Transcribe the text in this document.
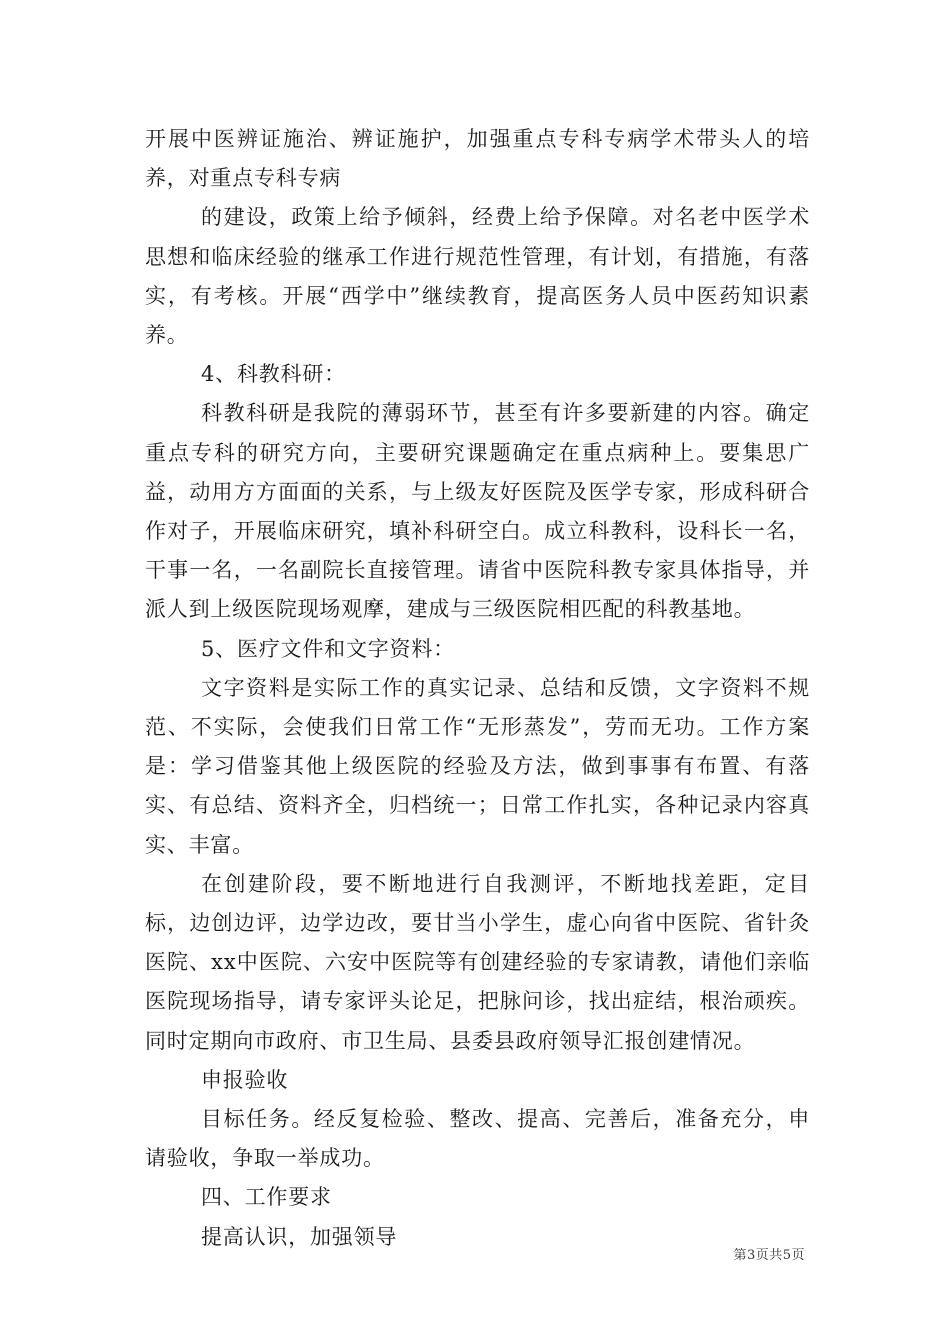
开展中医辨证施治、辨证施护，加强重点专科专病学术带头人的培养，对重点专科专病

的建设，政策上给予倾斜，经费上给予保障。对名老中医学术思想和临床经验的继承工作进行规范性管理，有计划，有措施，有落实，有考核。开展“西学中”继续教育，提高医务人员中医药知识素养。

4、科教科研：

科教科研是我院的薄弱环节，甚至有许多要新建的内容。确定重点专科的研究方向，主要研究课题确定在重点病种上。要集思广益，动用方方面面的关系，与上级友好医院及医学专家，形成科研合作对子，开展临床研究，填补科研空白。成立科教科，设科长一名，干事一名，一名副院长直接管理。请省中医院科教专家具体指导，并派人到上级医院现场观摩，建成与三级医院相匹配的科教基地。

5、医疗文件和文字资料：

文字资料是实际工作的真实记录、总结和反馈，文字资料不规范、不实际，会使我们日常工作“无形蒸发”，劳而无功。工作方案是：学习借鉴其他上级医院的经验及方法，做到事事有布置、有落实、有总结、资料齐全，归档统一；日常工作扎实，各种记录内容真实、丰富。

在创建阶段，要不断地进行自我测评，不断地找差距，定目标，边创边评，边学边改，要甘当小学生，虚心向省中医院、省针灸医院、xx中医院、六安中医院等有创建经验的专家请教，请他们亲临医院现场指导，请专家评头论足，把脉问诊，找出症结，根治顽疾。同时定期向市政府、市卫生局、县委县政府领导汇报创建情况。

申报验收

目标任务。经反复检验、整改、提高、完善后，准备充分，申请验收，争取一举成功。

四、工作要求

提高认识，加强领导

第3页共5页
